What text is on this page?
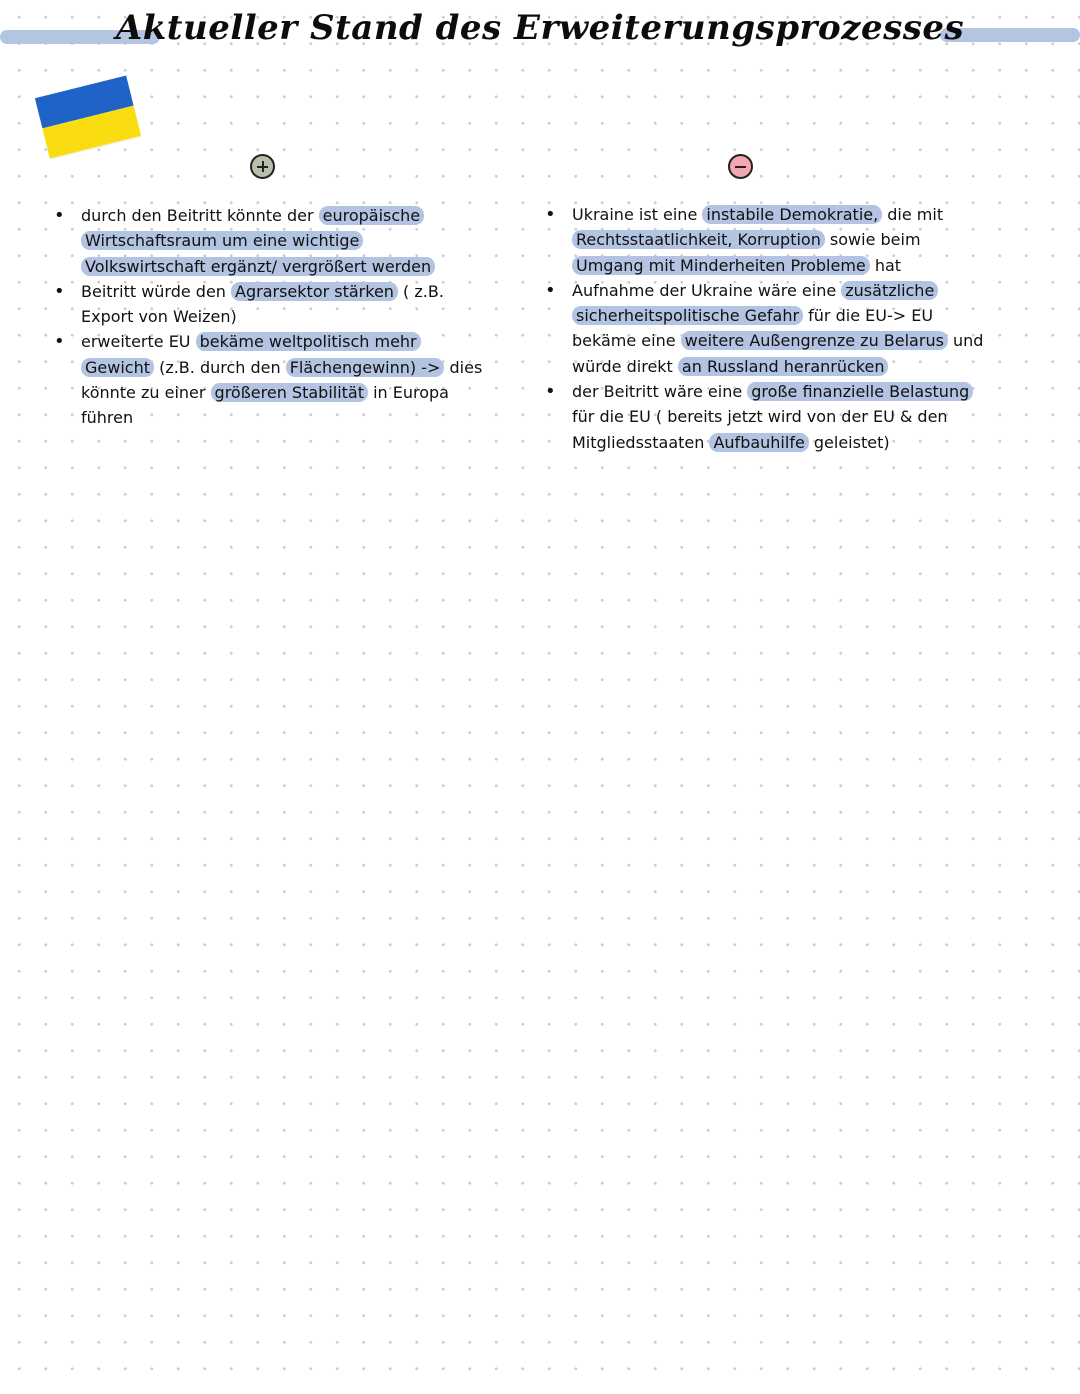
Aktueller Stand des Erweiterungsprozesses
• durch den Beitritt könnte der europäische Wirtschaftsraum um eine wichtige Volkswirtschaft ergänzt/ vergrößert werden
• Beitritt würde den Agrarsektor stärken ( z.B. Export von Weizen)
• erweiterte EU bekäme weltpolitisch mehr Gewicht (z.B. durch den Flächengewinn) -> dies könnte zu einer größeren Stabilität in Europa führen
• Ukraine ist eine instabile Demokratie, die mit Rechtsstaatlichkeit, Korruption sowie beim Umgang mit Minderheiten Probleme hat
• Aufnahme der Ukraine wäre eine zusätzliche sicherheitspolitische Gefahr für die EU-> EU bekäme eine weitere Außengrenze zu Belarus und würde direkt an Russland heranrücken
• der Beitritt wäre eine große finanzielle Belastung für die EU ( bereits jetzt wird von der EU & den Mitgliedsstaaten Aufbauhilfe geleistet)
